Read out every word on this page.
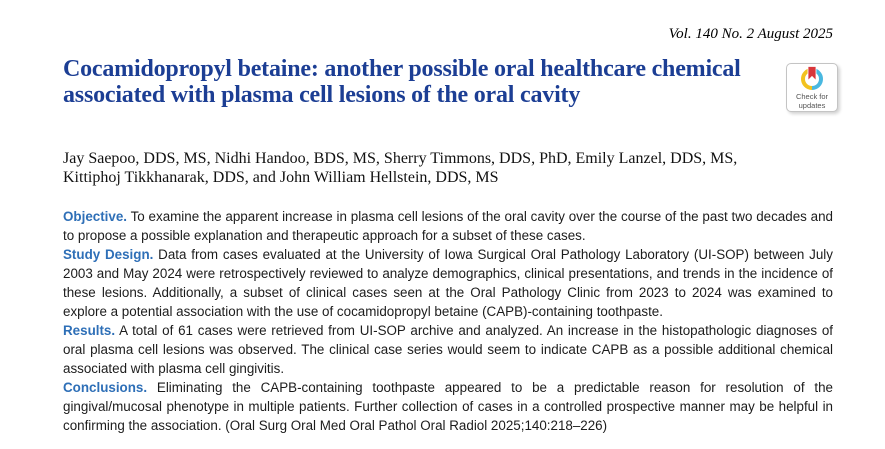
Vol. 140 No. 2 August 2025
Check for
updates
Cocamidopropyl betaine: another possible oral healthcare chemical associated with plasma cell lesions of the oral cavity
Jay Saepoo, DDS, MS, Nidhi Handoo, BDS, MS, Sherry Timmons, DDS, PhD, Emily Lanzel, DDS, MS, Kittiphoj Tikkhanarak, DDS, and John William Hellstein, DDS, MS

Objective. To examine the apparent increase in plasma cell lesions of the oral cavity over the course of the past two decades and to propose a possible explanation and therapeutic approach for a subset of these cases.

Study Design. Data from cases evaluated at the University of Iowa Surgical Oral Pathology Laboratory (UI-SOP) between July 2003 and May 2024 were retrospectively reviewed to analyze demographics, clinical presentations, and trends in the incidence of these lesions. Additionally, a subset of clinical cases seen at the Oral Pathology Clinic from 2023 to 2024 was examined to explore a potential association with the use of cocamidopropyl betaine (CAPB)-containing toothpaste.

Results. A total of 61 cases were retrieved from UI-SOP archive and analyzed. An increase in the histopathologic diagnoses of oral plasma cell lesions was observed. The clinical case series would seem to indicate CAPB as a possible additional chemical associated with plasma cell gingivitis.

Conclusions. Eliminating the CAPB-containing toothpaste appeared to be a predictable reason for resolution of the gingival/mucosal phenotype in multiple patients. Further collection of cases in a controlled prospective manner may be helpful in confirming the association. (Oral Surg Oral Med Oral Pathol Oral Radiol 2025;140:218–226)
